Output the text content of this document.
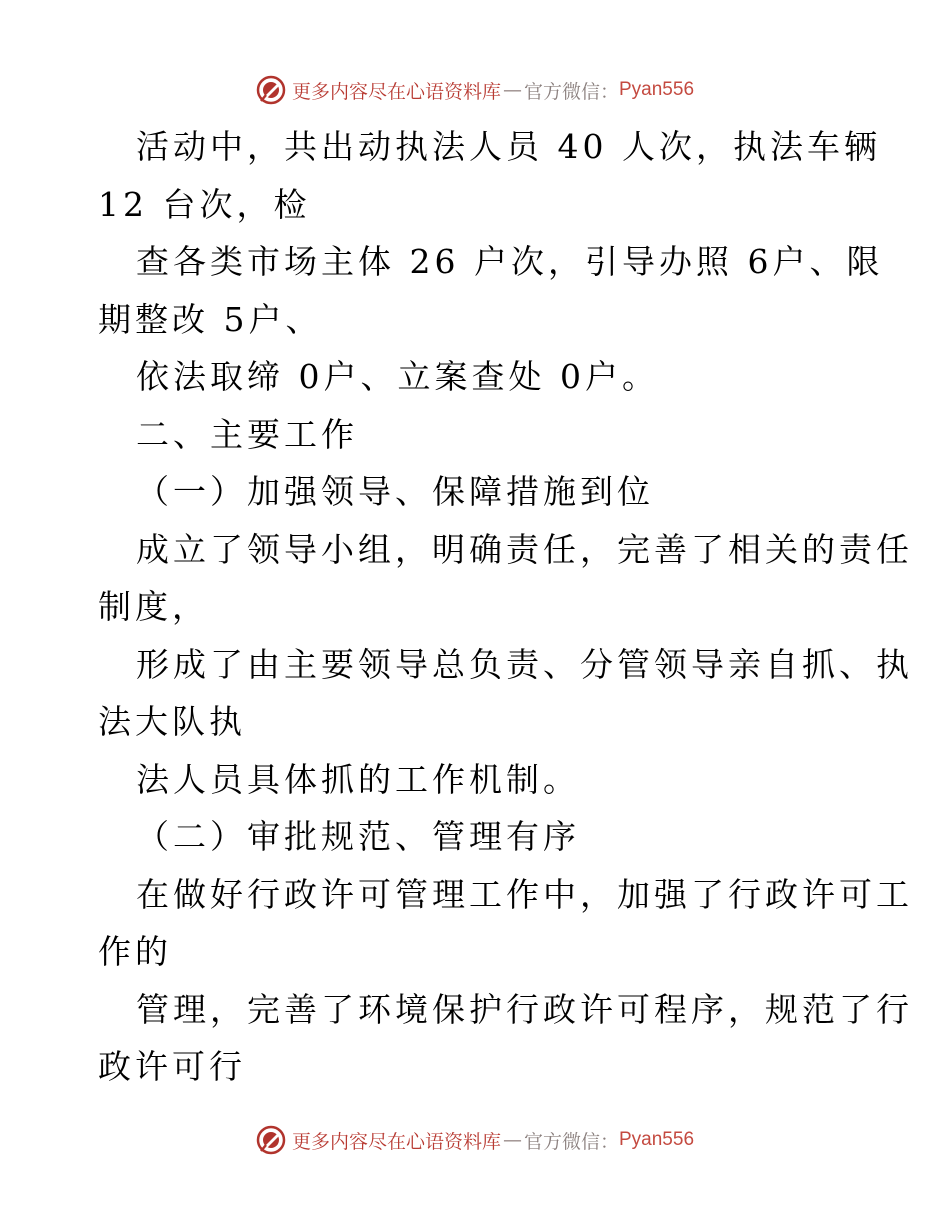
更多内容尽在心语资料库 — 官方微信： Pyan556
活动中，共出动执法人员 40 人次，执法车辆
12 台次，检
查各类市场主体 26 户次，引导办照 6户、限
期整改 5户、
依法取缔 0户、立案查处 0户。
二、主要工作
（一）加强领导、保障措施到位
成立了领导小组，明确责任，完善了相关的责任
制度，
形成了由主要领导总负责、分管领导亲自抓、执
法大队执
法人员具体抓的工作机制。
（二）审批规范、管理有序
在做好行政许可管理工作中，加强了行政许可工
作的
管理，完善了环境保护行政许可程序，规范了行
政许可行
更多内容尽在心语资料库 — 官方微信： Pyan556
